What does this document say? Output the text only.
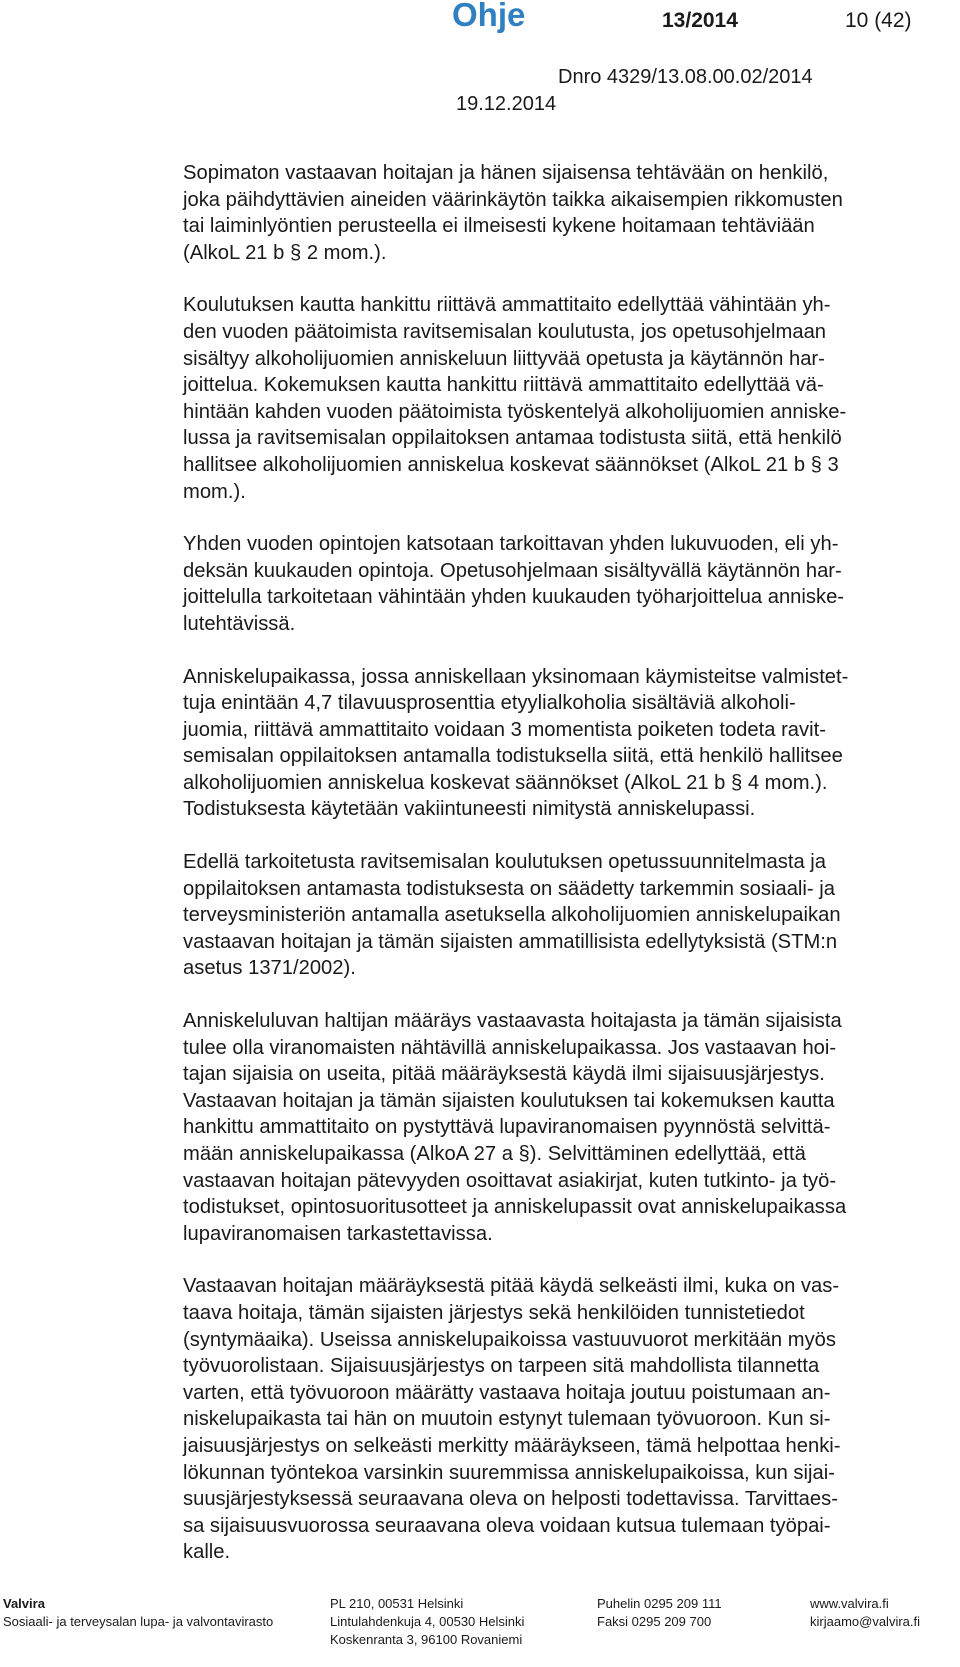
Ohje	13/2014	10 (42)
Dnro 4329/13.08.00.02/2014
19.12.2014

Sopimaton vastaavan hoitajan ja hänen sijaisensa tehtävään on henkilö,
joka päihdyttävien aineiden väärinkäytön taikka aikaisempien rikkomusten
tai laiminlyöntien perusteella ei ilmeisesti kykene hoitamaan tehtäviään
(AlkoL 21 b § 2 mom.).

Koulutuksen kautta hankittu riittävä ammattitaito edellyttää vähintään yh-
den vuoden päätoimista ravitsemisalan koulutusta, jos opetusohjelmaan
sisältyy alkoholijuomien anniskeluun liittyvää opetusta ja käytännön har-
joittelua. Kokemuksen kautta hankittu riittävä ammattitaito edellyttää vä-
hintään kahden vuoden päätoimista työskentelyä alkoholijuomien anniske-
lussa ja ravitsemisalan oppilaitoksen antamaa todistusta siitä, että henkilö
hallitsee alkoholijuomien anniskelua koskevat säännökset (AlkoL 21 b § 3
mom.).

Yhden vuoden opintojen katsotaan tarkoittavan yhden lukuvuoden, eli yh-
deksän kuukauden opintoja. Opetusohjelmaan sisältyvällä käytännön har-
joittelulla tarkoitetaan vähintään yhden kuukauden työharjoittelua anniske-
lutehtävissä.

Anniskelupaikassa, jossa anniskellaan yksinomaan käymisteitse valmistet-
tuja enintään 4,7 tilavuusprosenttia etyylialkoholia sisältäviä alkoholi-
juomia, riittävä ammattitaito voidaan 3 momentista poiketen todeta ravit-
semisalan oppilaitoksen antamalla todistuksella siitä, että henkilö hallitsee
alkoholijuomien anniskelua koskevat säännökset (AlkoL 21 b § 4 mom.).
Todistuksesta käytetään vakiintuneesti nimitystä anniskelupassi.

Edellä tarkoitetusta ravitsemisalan koulutuksen opetussuunnitelmasta ja
oppilaitoksen antamasta todistuksesta on säädetty tarkemmin sosiaali- ja
terveysministeriön antamalla asetuksella alkoholijuomien anniskelupaikan
vastaavan hoitajan ja tämän sijaisten ammatillisista edellytyksistä (STM:n
asetus 1371/2002).

Anniskeluluvan haltijan määräys vastaavasta hoitajasta ja tämän sijaisista
tulee olla viranomaisten nähtävillä anniskelupaikassa. Jos vastaavan hoi-
tajan sijaisia on useita, pitää määräyksestä käydä ilmi sijaisuusjärjestys.
Vastaavan hoitajan ja tämän sijaisten koulutuksen tai kokemuksen kautta
hankittu ammattitaito on pystyttävä lupaviranomaisen pyynnöstä selvittä-
mään anniskelupaikassa (AlkoA 27 a §). Selvittäminen edellyttää, että
vastaavan hoitajan pätevyyden osoittavat asiakirjat, kuten tutkinto- ja työ-
todistukset, opintosuoritusotteet ja anniskelupassit ovat anniskelupaikassa
lupaviranomaisen tarkastettavissa.

Vastaavan hoitajan määräyksestä pitää käydä selkeästi ilmi, kuka on vas-
taava hoitaja, tämän sijaisten järjestys sekä henkilöiden tunnistetiedot
(syntymäaika). Useissa anniskelupaikoissa vastuuvuorot merkitään myös
työvuorolistaan. Sijaisuusjärjestys on tarpeen sitä mahdollista tilannetta
varten, että työvuoroon määrätty vastaava hoitaja joutuu poistumaan an-
niskelupaikasta tai hän on muutoin estynyt tulemaan työvuoroon. Kun si-
jaisuusjärjestys on selkeästi merkitty määräykseen, tämä helpottaa henki-
lökunnan työntekoa varsinkin suuremmissa anniskelupaikoissa, kun sijai-
suusjärjestyksessä seuraavana oleva on helposti todettavissa. Tarvittaes-
sa sijaisuusvuorossa seuraavana oleva voidaan kutsua tulemaan työpai-
kalle.

Valvira
Sosiaali- ja terveysalan lupa- ja valvontavirasto
PL 210, 00531 Helsinki
Lintulahdenkuja 4, 00530 Helsinki
Koskenranta 3, 96100 Rovaniemi
Puhelin 0295 209 111
Faksi 0295 209 700
www.valvira.fi
kirjaamo@valvira.fi
